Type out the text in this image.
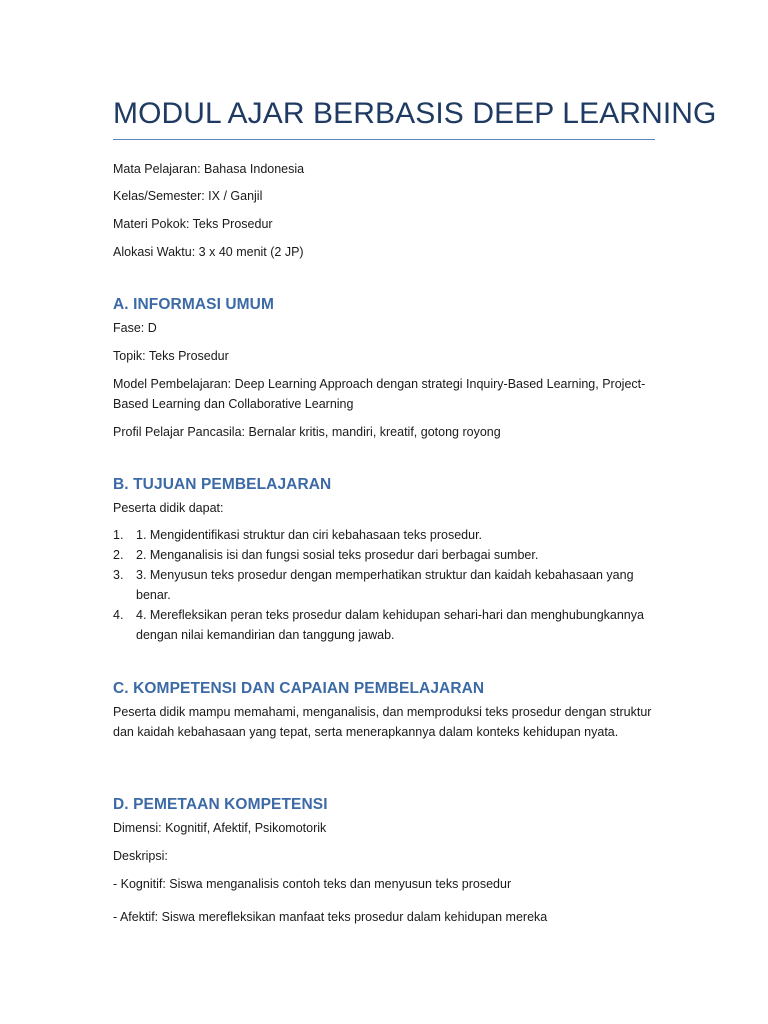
MODUL AJAR BERBASIS DEEP LEARNING
Mata Pelajaran: Bahasa Indonesia
Kelas/Semester: IX / Ganjil
Materi Pokok: Teks Prosedur
Alokasi Waktu: 3 x 40 menit (2 JP)
A. INFORMASI UMUM
Fase: D
Topik: Teks Prosedur
Model Pembelajaran: Deep Learning Approach dengan strategi Inquiry-Based Learning, Project-Based Learning dan Collaborative Learning
Profil Pelajar Pancasila: Bernalar kritis, mandiri, kreatif, gotong royong
B. TUJUAN PEMBELAJARAN
Peserta didik dapat:
1. 1. Mengidentifikasi struktur dan ciri kebahasaan teks prosedur.
2. 2. Menganalisis isi dan fungsi sosial teks prosedur dari berbagai sumber.
3. 3. Menyusun teks prosedur dengan memperhatikan struktur dan kaidah kebahasaan yang benar.
4. 4. Merefleksikan peran teks prosedur dalam kehidupan sehari-hari dan menghubungkannya dengan nilai kemandirian dan tanggung jawab.
C. KOMPETENSI DAN CAPAIAN PEMBELAJARAN
Peserta didik mampu memahami, menganalisis, dan memproduksi teks prosedur dengan struktur dan kaidah kebahasaan yang tepat, serta menerapkannya dalam konteks kehidupan nyata.
D. PEMETAAN KOMPETENSI
Dimensi: Kognitif, Afektif, Psikomotorik
Deskripsi:
- Kognitif: Siswa menganalisis contoh teks dan menyusun teks prosedur
- Afektif: Siswa merefleksikan manfaat teks prosedur dalam kehidupan mereka
